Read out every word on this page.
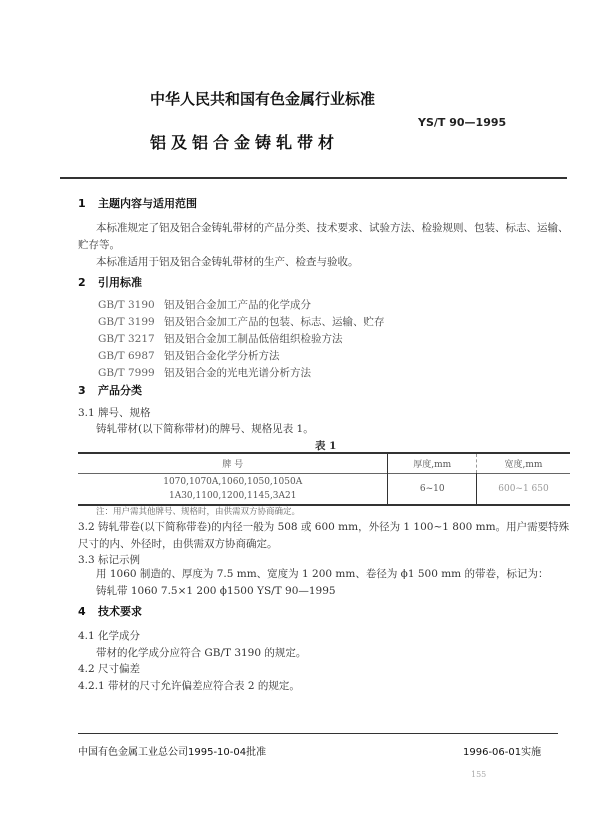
中华人民共和国有色金属行业标准
YS/T 90—1995
铝及铝合金铸轧带材
1 主题内容与适用范围
本标准规定了铝及铝合金铸轧带材的产品分类、技术要求、试验方法、检验规则、包装、标志、运输、
贮存等。
本标准适用于铝及铝合金铸轧带材的生产、检查与验收。
2 引用标准
GB/T 3190 铝及铝合金加工产品的化学成分
GB/T 3199 铝及铝合金加工产品的包装、标志、运输、贮存
GB/T 3217 铝及铝合金加工制品低倍组织检验方法
GB/T 6987 铝及铝合金化学分析方法
GB/T 7999 铝及铝合金的光电光谱分析方法
3 产品分类
3.1 牌号、规格
铸轧带材(以下简称带材)的牌号、规格见表 1。
表 1
牌 号	厚度,mm	宽度,mm

1070,1070A,1060,1050,1050A
1A30,1100,1200,1145,3A21	6~10	600~1 650
注：用户需其他牌号、规格时，由供需双方协商确定。
3.2 铸轧带卷(以下简称带卷)的内径一般为 508 或 600 mm，外径为 1 100~1 800 mm。用户需要特殊
尺寸的内、外径时，由供需双方协商确定。
3.3 标记示例
用 1060 制造的、厚度为 7.5 mm、宽度为 1 200 mm、卷径为 ϕ1 500 mm 的带卷，标记为：
铸轧带 1060 7.5×1 200 ϕ1500 YS/T 90—1995
4 技术要求
4.1 化学成分
带材的化学成分应符合 GB/T 3190 的规定。
4.2 尺寸偏差
4.2.1 带材的尺寸允许偏差应符合表 2 的规定。
中国有色金属工业总公司1995-10-04批准	1996-06-01实施
155
